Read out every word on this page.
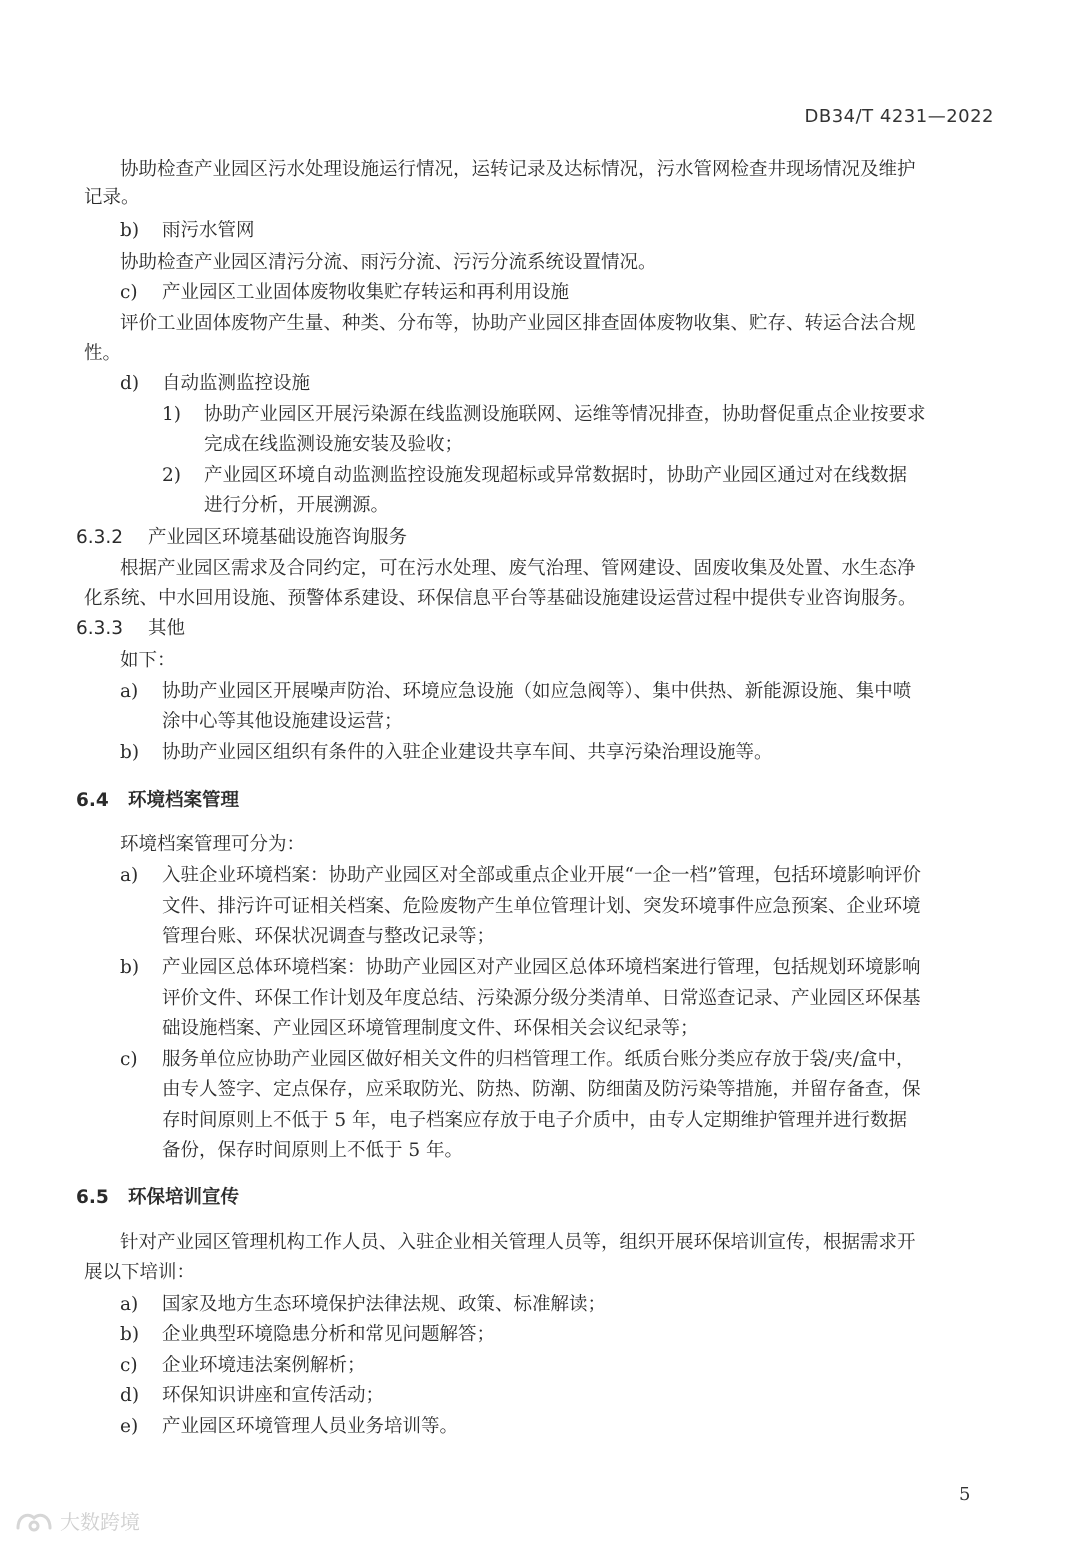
DB34/T 4231—2022
协助检查产业园区污水处理设施运行情况，运转记录及达标情况，污水管网检查井现场情况及维护
记录。
b) 雨污水管网
协助检查产业园区清污分流、雨污分流、污污分流系统设置情况。
c) 产业园区工业固体废物收集贮存转运和再利用设施
评价工业固体废物产生量、种类、分布等，协助产业园区排查固体废物收集、贮存、转运合法合规
性。
d) 自动监测监控设施
1) 协助产业园区开展污染源在线监测设施联网、运维等情况排查，协助督促重点企业按要求
完成在线监测设施安装及验收；
2) 产业园区环境自动监测监控设施发现超标或异常数据时，协助产业园区通过对在线数据
进行分析，开展溯源。
6.3.2 产业园区环境基础设施咨询服务
根据产业园区需求及合同约定，可在污水处理、废气治理、管网建设、固废收集及处置、水生态净
化系统、中水回用设施、预警体系建设、环保信息平台等基础设施建设运营过程中提供专业咨询服务。
6.3.3 其他
如下：
a) 协助产业园区开展噪声防治、环境应急设施（如应急阀等）、集中供热、新能源设施、集中喷
涂中心等其他设施建设运营；
b) 协助产业园区组织有条件的入驻企业建设共享车间、共享污染治理设施等。
6.4 环境档案管理
环境档案管理可分为：
a) 入驻企业环境档案：协助产业园区对全部或重点企业开展“一企一档”管理，包括环境影响评价
文件、排污许可证相关档案、危险废物产生单位管理计划、突发环境事件应急预案、企业环境
管理台账、环保状况调查与整改记录等；
b) 产业园区总体环境档案：协助产业园区对产业园区总体环境档案进行管理，包括规划环境影响
评价文件、环保工作计划及年度总结、污染源分级分类清单、日常巡查记录、产业园区环保基
础设施档案、产业园区环境管理制度文件、环保相关会议纪录等；
c) 服务单位应协助产业园区做好相关文件的归档管理工作。纸质台账分类应存放于袋/夹/盒中，
由专人签字、定点保存，应采取防光、防热、防潮、防细菌及防污染等措施，并留存备查，保
存时间原则上不低于 5 年，电子档案应存放于电子介质中，由专人定期维护管理并进行数据
备份，保存时间原则上不低于 5 年。
6.5 环保培训宣传
针对产业园区管理机构工作人员、入驻企业相关管理人员等，组织开展环保培训宣传，根据需求开
展以下培训：
a) 国家及地方生态环境保护法律法规、政策、标准解读；
b) 企业典型环境隐患分析和常见问题解答；
c) 企业环境违法案例解析；
d) 环保知识讲座和宣传活动；
e) 产业园区环境管理人员业务培训等。
5
大数跨境
